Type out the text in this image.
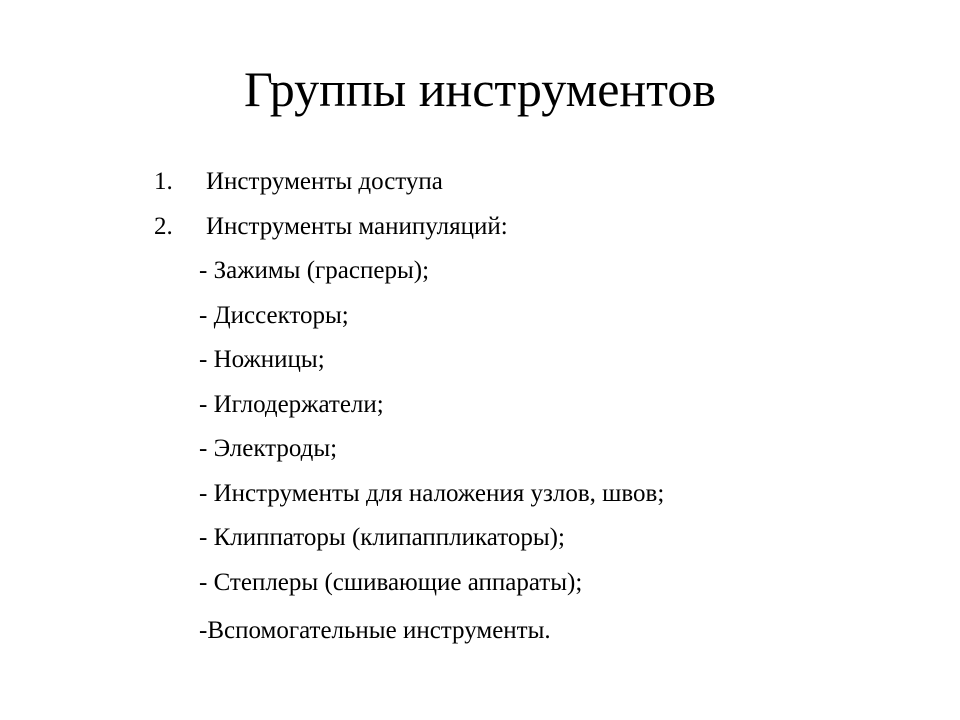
Группы инструментов
1.	Инструменты доступа
2.	Инструменты манипуляций:
- Зажимы (грасперы);
- Диссекторы;
- Ножницы;
- Иглодержатели;
- Электроды;
- Инструменты для наложения узлов, швов;
- Клиппаторы (клипаппликаторы);
- Степлеры (сшивающие аппараты);
-Вспомогательные инструменты.
